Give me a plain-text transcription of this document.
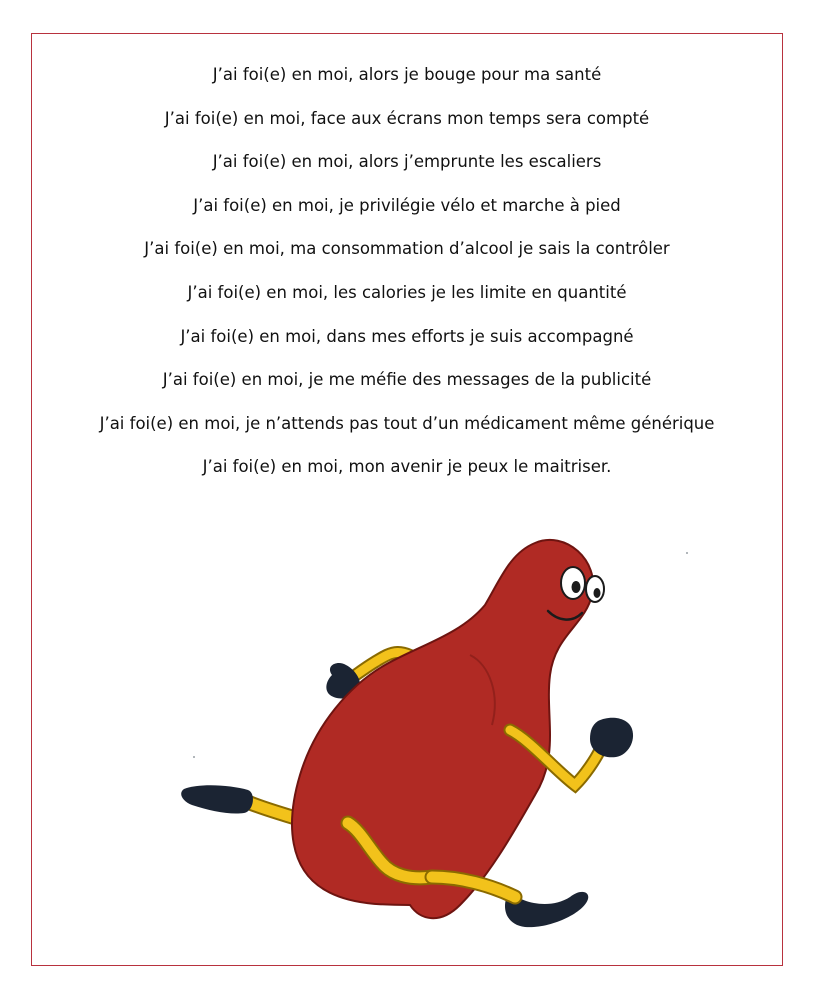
J’ai foi(e) en moi, alors je bouge pour ma santé
J’ai foi(e) en moi, face aux écrans mon temps sera compté
J’ai foi(e) en moi, alors j’emprunte les escaliers
J’ai foi(e) en moi, je privilégie vélo et marche à pied
J’ai foi(e) en moi, ma consommation d’alcool je sais la contrôler
J’ai foi(e) en moi, les calories je les limite en quantité
J’ai foi(e) en moi, dans mes efforts je suis accompagné
J’ai foi(e) en moi, je me méfie des messages de la publicité
J’ai foi(e) en moi, je n’attends pas tout d’un médicament même générique
J’ai foi(e) en moi, mon avenir je peux le maitriser.
